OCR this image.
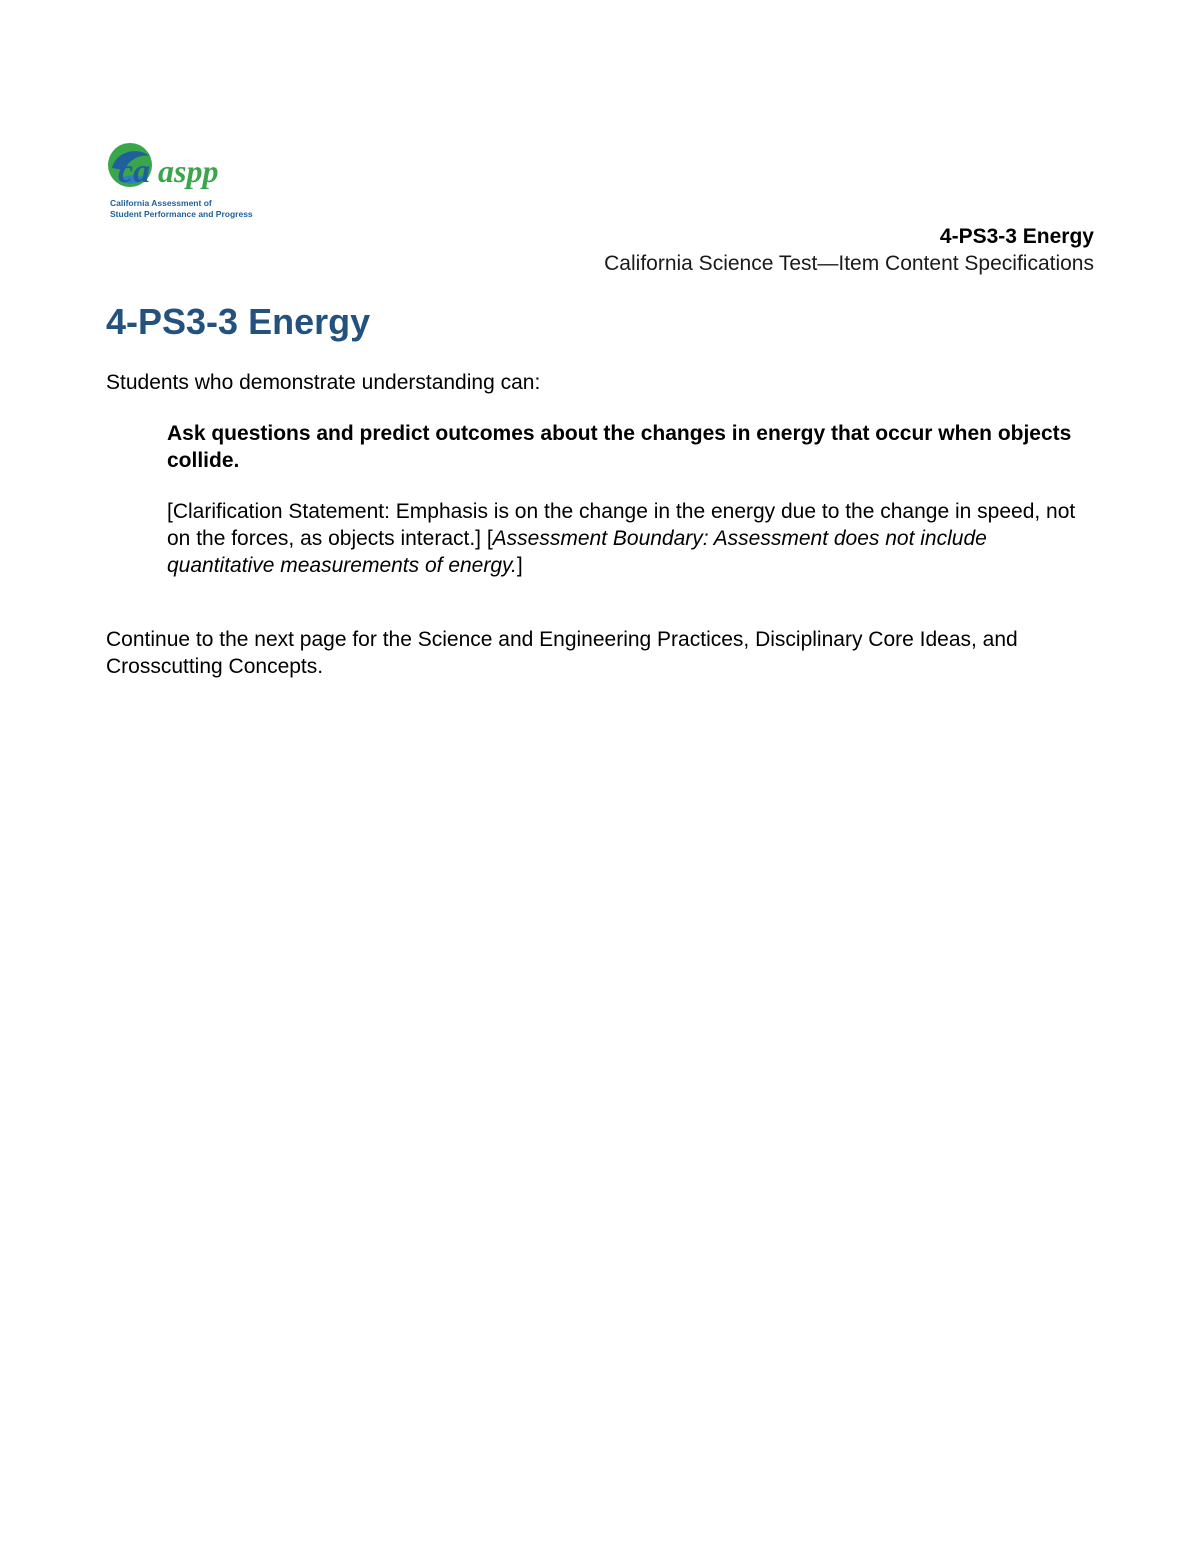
ca aspp
California Assessment of
Student Performance and Progress
4-PS3-3 Energy
California Science Test—Item Content Specifications
4-PS3-3 Energy
Students who demonstrate understanding can:
Ask questions and predict outcomes about the changes in energy that occur when objects collide.
[Clarification Statement: Emphasis is on the change in the energy due to the change in speed, not on the forces, as objects interact.] [Assessment Boundary: Assessment does not include quantitative measurements of energy.]
Continue to the next page for the Science and Engineering Practices, Disciplinary Core Ideas, and Crosscutting Concepts.
